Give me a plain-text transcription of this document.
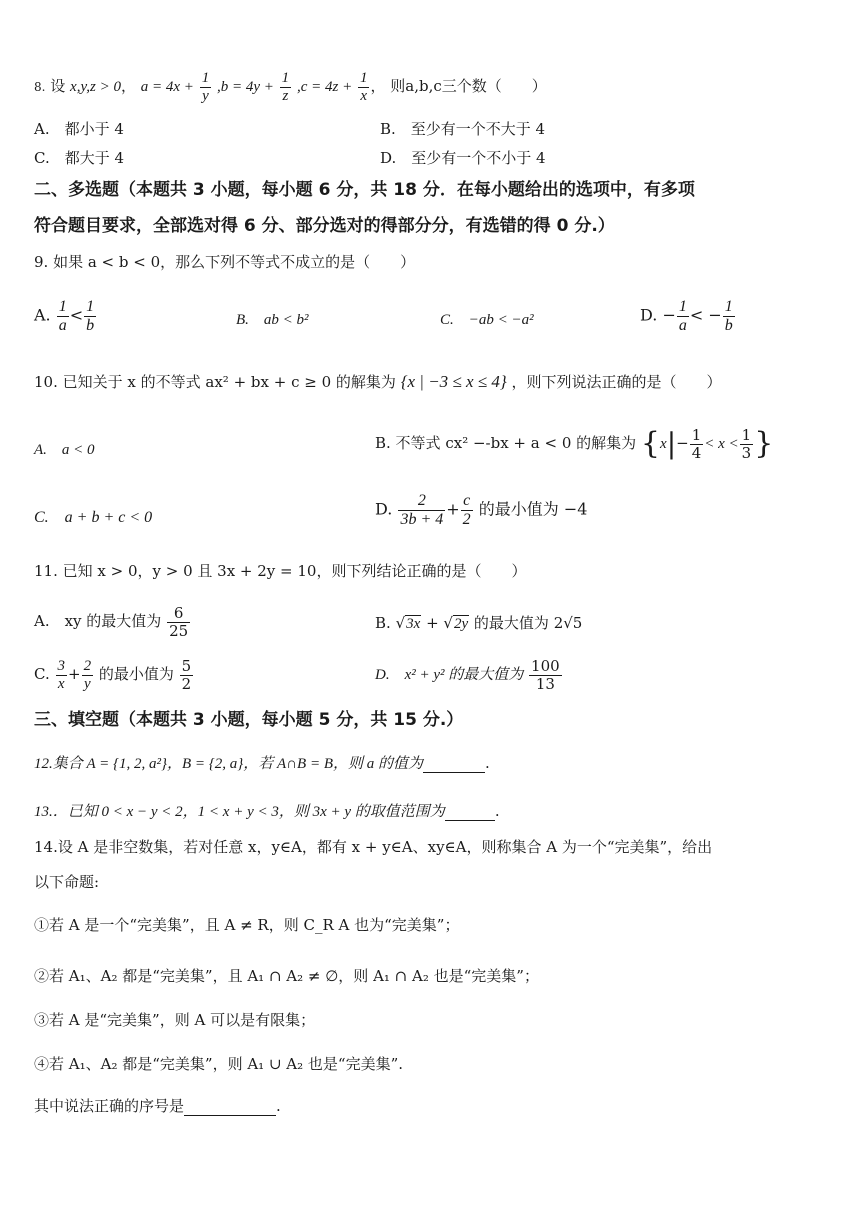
8. 设 x,y,z > 0， $a = 4x + \frac{1}{y} ,b = 4y + \frac{1}{z} ,c = 4z + \frac{1}{x}$ ， 则a,b,c三个数（　　）
A.　都小于 4	B.　至少有一个不大于 4
C.　都大于 4	D.　至少有一个不小于 4
二、多选题（本题共 3 小题，每小题 6 分，共 18 分．在每小题给出的选项中，有多项
符合题目要求，全部选对得 6 分、部分选对的得部分分，有选错的得 0 分.）
9. 如果 a < b < 0，那么下列不等式不成立的是（　　）
A. $\frac{1}{a} < \frac{1}{b}$	B.　ab < b²	C.　−ab < −a²	D. − $\frac{1}{a}$ < − $\frac{1}{b}$
10. 已知关于 x 的不等式 ax² + bx + c ≥ 0 的解集为 {x | −3 ≤ x ≤ 4} ，则下列说法正确的是（　　）
A.　a < 0	B. 不等式 cx² −-bx + a < 0 的解集为 {$x|- \frac{1}{4} < x < \frac{1}{3}$ }
C.　a + b + c < 0	D. $\frac{2}{3b + 4} + \frac{c}{2}$ 的最小值为 −4
11. 已知 x > 0，y > 0 且 3x + 2y = 10，则下列结论正确的是（　　）
A.　xy 的最大值为 $\frac{6}{25}$	B. √3x + √2y 的最大值为 2√5
C. $\frac{3}{x} + \frac{2}{y}$ 的最小值为 $\frac{5}{2}$	D.　x² + y² 的最大值为 $\frac{100}{13}$
三、填空题（本题共 3 小题，每小题 5 分，共 15 分.）
12.集合 A = {1, 2, a²}，B = {2, a}，若 A∩B = B，则 a 的值为	.
13.．已知 0 < x − y < 2，1 < x + y < 3，则 3x + y 的取值范围为	.
14.设 A 是非空数集，若对任意 x，y∈A，都有 x + y∈A、xy∈A，则称集合 A 为一个“完美集”，给出
以下命题:
①若 A 是一个“完美集”，且 A ≠ R，则 C_R A 也为“完美集”；
②若 A₁、A₂ 都是“完美集”，且 A₁ ∩ A₂ ≠ ∅，则 A₁ ∩ A₂ 也是“完美集”；
③若 A 是“完美集”，则 A 可以是有限集；
④若 A₁、A₂ 都是“完美集”，则 A₁ ∪ A₂ 也是“完美集”.
其中说法正确的序号是	.
